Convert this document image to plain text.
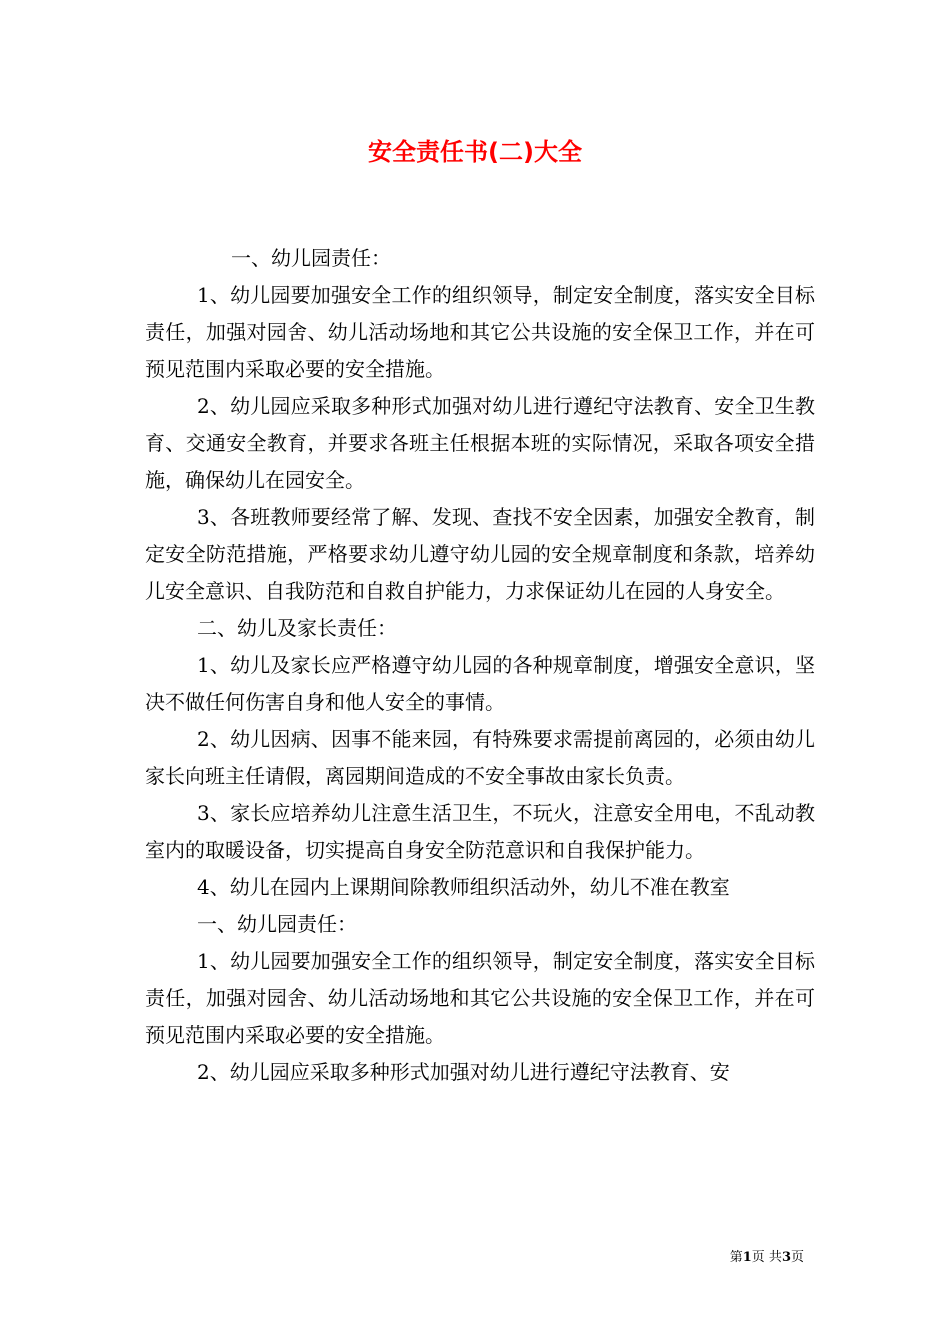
安全责任书(二)大全

一、幼儿园责任：

1、幼儿园要加强安全工作的组织领导，制定安全制度，落实安全目标责任，加强对园舍、幼儿活动场地和其它公共设施的安全保卫工作，并在可预见范围内采取必要的安全措施。

2、幼儿园应采取多种形式加强对幼儿进行遵纪守法教育、安全卫生教育、交通安全教育，并要求各班主任根据本班的实际情况，采取各项安全措施，确保幼儿在园安全。

3、各班教师要经常了解、发现、查找不安全因素，加强安全教育，制定安全防范措施，严格要求幼儿遵守幼儿园的安全规章制度和条款，培养幼儿安全意识、自我防范和自救自护能力，力求保证幼儿在园的人身安全。

二、幼儿及家长责任：

1、幼儿及家长应严格遵守幼儿园的各种规章制度，增强安全意识，坚决不做任何伤害自身和他人安全的事情。

2、幼儿因病、因事不能来园，有特殊要求需提前离园的，必须由幼儿家长向班主任请假，离园期间造成的不安全事故由家长负责。

3、家长应培养幼儿注意生活卫生，不玩火，注意安全用电，不乱动教室内的取暖设备，切实提高自身安全防范意识和自我保护能力。

4、幼儿在园内上课期间除教师组织活动外，幼儿不准在教室

一、幼儿园责任：

1、幼儿园要加强安全工作的组织领导，制定安全制度，落实安全目标责任，加强对园舍、幼儿活动场地和其它公共设施的安全保卫工作，并在可预见范围内采取必要的安全措施。

2、幼儿园应采取多种形式加强对幼儿进行遵纪守法教育、安

第1页 共3页
